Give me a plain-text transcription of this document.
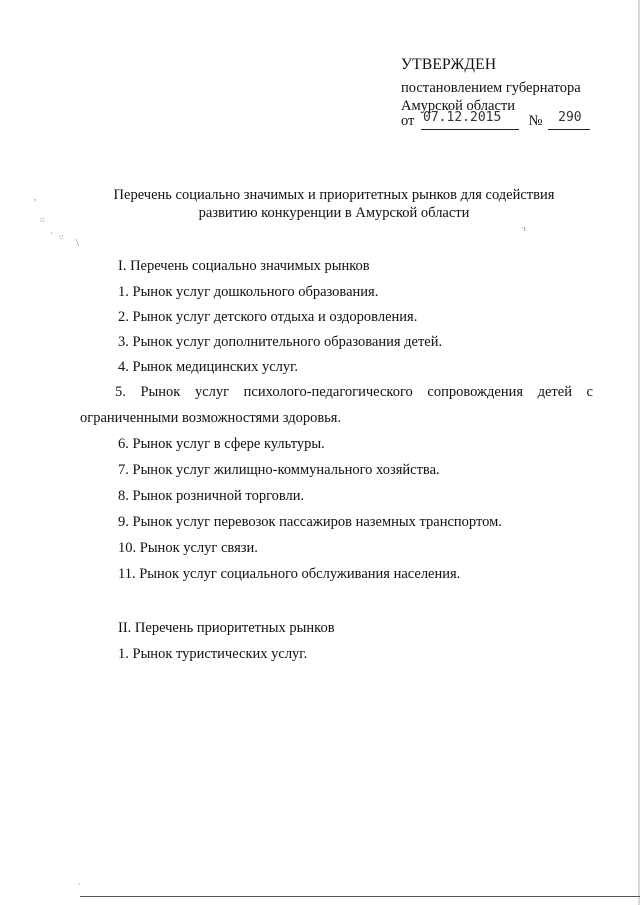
УТВЕРЖДЕН
постановлением губернатора
Амурской области
от 07.12.2015 № 290
,
⁘
· ⁖
\
·ı
·
Перечень социально значимых и приоритетных рынков для содействия
развитию конкуренции в Амурской области
I. Перечень социально значимых рынков
1. Рынок услуг дошкольного образования.
2. Рынок услуг детского отдыха и оздоровления.
3. Рынок услуг дополнительного образования детей.
4. Рынок медицинских услуг.
5. Рынок услуг психолого-педагогического сопровождения детей с
ограниченными возможностями здоровья.
6. Рынок услуг в сфере культуры.
7. Рынок услуг жилищно-коммунального хозяйства.
8. Рынок розничной торговли.
9. Рынок услуг перевозок пассажиров наземных транспортом.
10. Рынок услуг связи.
11. Рынок услуг социального обслуживания населения.
II. Перечень приоритетных рынков
1. Рынок туристических услуг.
